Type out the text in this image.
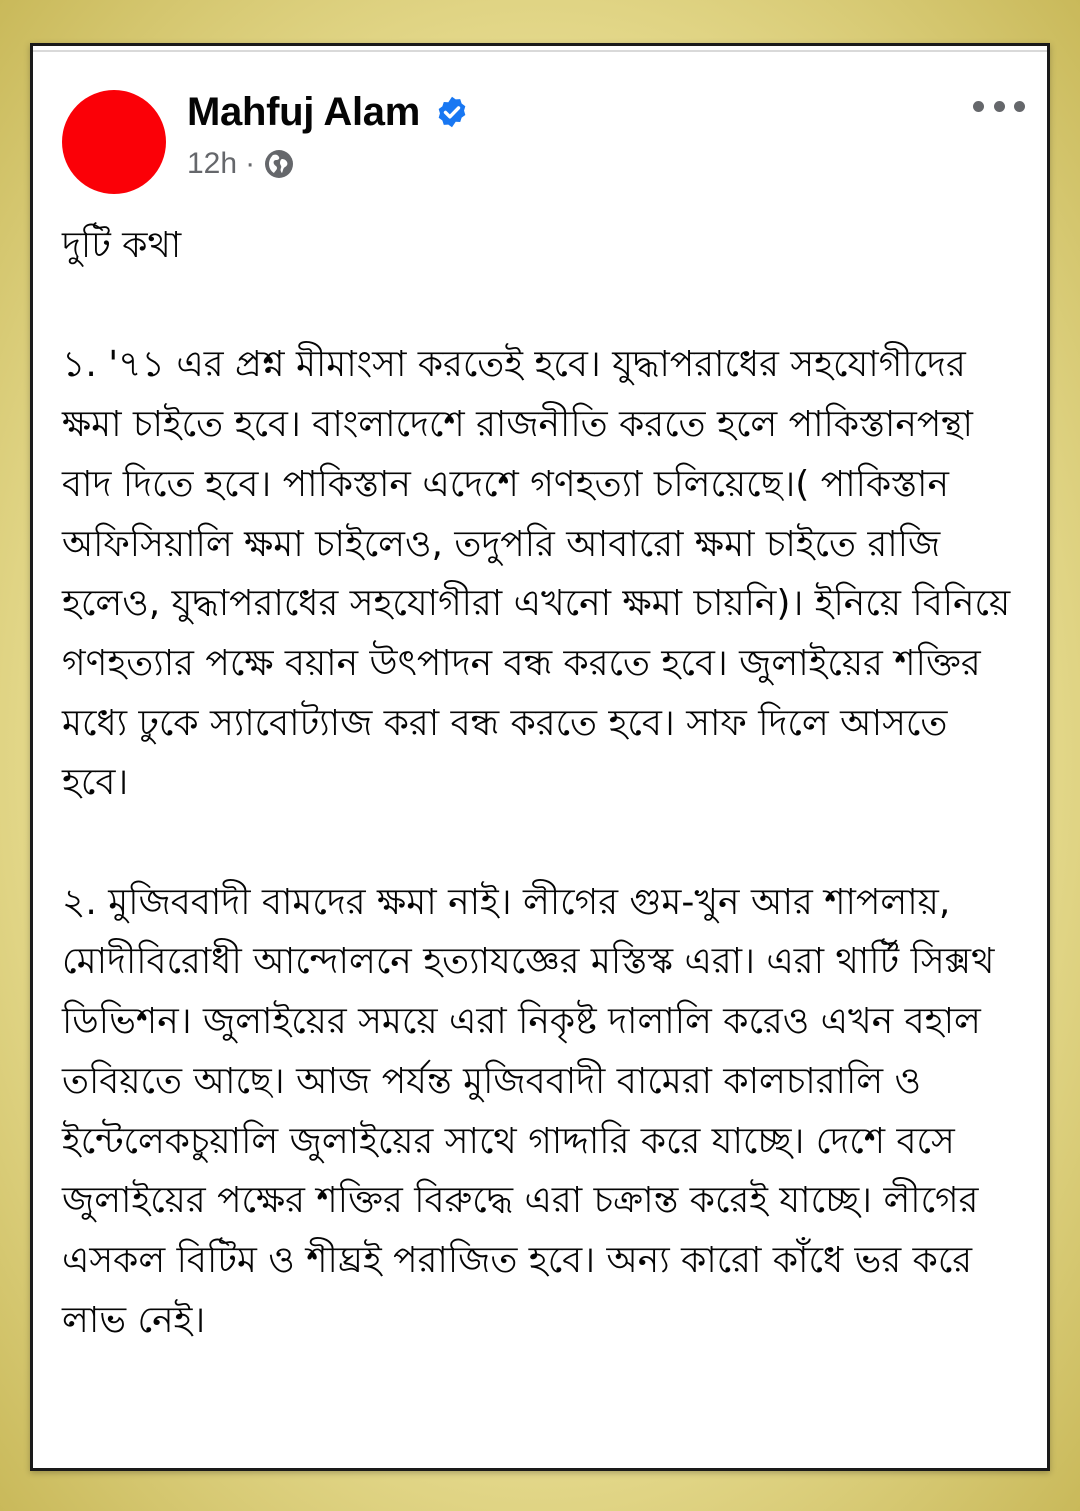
Mahfuj Alam
12h ·

দুটি কথা

১. '৭১ এর প্রশ্ন মীমাংসা করতেই হবে। যুদ্ধাপরাধের সহযোগীদের ক্ষমা চাইতে হবে। বাংলাদেশে রাজনীতি করতে হলে পাকিস্তানপন্থা বাদ দিতে হবে। পাকিস্তান এদেশে গণহত্যা চলিয়েছে।( পাকিস্তান অফিসিয়ালি ক্ষমা চাইলেও, তদুপরি আবারো ক্ষমা চাইতে রাজি হলেও, যুদ্ধাপরাধের সহযোগীরা এখনো ক্ষমা চায়নি)। ইনিয়ে বিনিয়ে গণহত্যার পক্ষে বয়ান উৎপাদন বন্ধ করতে হবে। জুলাইয়ের শক্তির মধ্যে ঢুকে স্যাবোট্যাজ করা বন্ধ করতে হবে। সাফ দিলে আসতে হবে।

২. মুজিববাদী বামদের ক্ষমা নাই। লীগের গুম-খুন আর শাপলায়, মোদীবিরোধী আন্দোলনে হত্যাযজ্ঞের মস্তিস্ক এরা। এরা থার্টি সিক্সথ ডিভিশন। জুলাইয়ের সময়ে এরা নিকৃষ্ট দালালি করেও এখন বহাল তবিয়তে আছে। আজ পর্যন্ত মুজিববাদী বামেরা কালচারালি ও ইন্টেলেকচুয়ালি জুলাইয়ের সাথে গাদ্দারি করে যাচ্ছে। দেশে বসে জুলাইয়ের পক্ষের শক্তির বিরুদ্ধে এরা চক্রান্ত করেই যাচ্ছে। লীগের এসকল বিটিম ও শীঘ্রই পরাজিত হবে। অন্য কারো কাঁধে ভর করে লাভ নেই।
